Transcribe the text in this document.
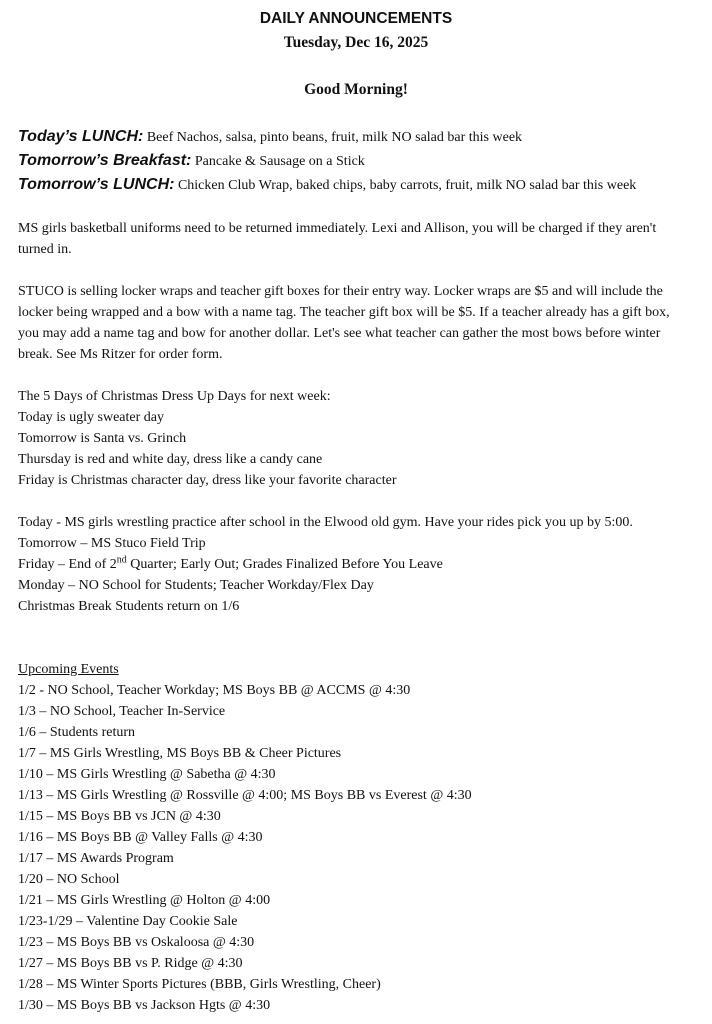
DAILY ANNOUNCEMENTS
Tuesday, Dec 16, 2025
Good Morning!
Today’s LUNCH: Beef Nachos, salsa, pinto beans, fruit, milk NO salad bar this week
Tomorrow’s Breakfast: Pancake & Sausage on a Stick
Tomorrow’s LUNCH: Chicken Club Wrap, baked chips, baby carrots, fruit, milk NO salad bar this week

MS girls basketball uniforms need to be returned immediately. Lexi and Allison, you will be charged if they aren't turned in.

STUCO is selling locker wraps and teacher gift boxes for their entry way. Locker wraps are $5 and will include the locker being wrapped and a bow with a name tag. The teacher gift box will be $5. If a teacher already has a gift box, you may add a name tag and bow for another dollar. Let's see what teacher can gather the most bows before winter break. See Ms Ritzer for order form.

The 5 Days of Christmas Dress Up Days for next week:
Today is ugly sweater day
Tomorrow is Santa vs. Grinch
Thursday is red and white day, dress like a candy cane
Friday is Christmas character day, dress like your favorite character
Today - MS girls wrestling practice after school in the Elwood old gym. Have your rides pick you up by 5:00.
Tomorrow – MS Stuco Field Trip
Friday – End of 2nd Quarter; Early Out; Grades Finalized Before You Leave
Monday – NO School for Students; Teacher Workday/Flex Day
Christmas Break Students return on 1/6
Upcoming Events
1/2 - NO School, Teacher Workday; MS Boys BB @ ACCMS @ 4:30
1/3 – NO School, Teacher In-Service
1/6 – Students return
1/7 – MS Girls Wrestling, MS Boys BB & Cheer Pictures
1/10 – MS Girls Wrestling @ Sabetha @ 4:30
1/13 – MS Girls Wrestling @ Rossville @ 4:00; MS Boys BB vs Everest @ 4:30
1/15 – MS Boys BB vs JCN @ 4:30
1/16 – MS Boys BB @ Valley Falls @ 4:30
1/17 – MS Awards Program
1/20 – NO School
1/21 – MS Girls Wrestling @ Holton @ 4:00
1/23-1/29 – Valentine Day Cookie Sale
1/23 – MS Boys BB vs Oskaloosa @ 4:30
1/27 – MS Boys BB vs P. Ridge @ 4:30
1/28 – MS Winter Sports Pictures (BBB, Girls Wrestling, Cheer)
1/30 – MS Boys BB vs Jackson Hgts @ 4:30
